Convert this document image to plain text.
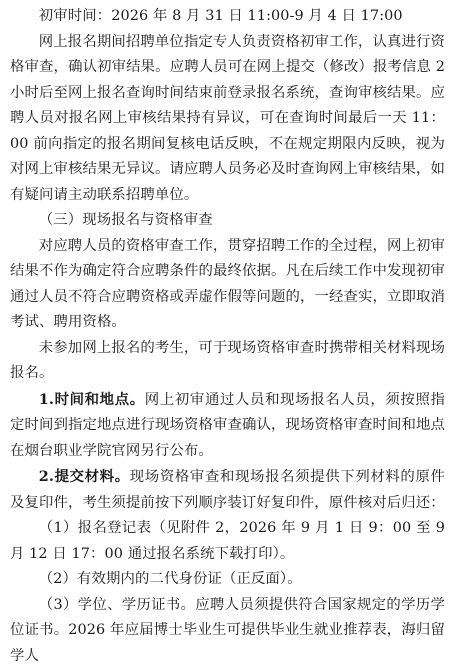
初审时间：2026 年 8 月 31 日 11:00-9 月 4 日 17:00

网上报名期间招聘单位指定专人负责资格初审工作，认真进行资格审查，确认初审结果。应聘人员可在网上提交（修改）报考信息 2 小时后至网上报名查询时间结束前登录报名系统，查询审核结果。应聘人员对报名网上审核结果持有异议，可在查询时间最后一天 11：00 前向指定的报名期间复核电话反映，不在规定期限内反映，视为对网上审核结果无异议。请应聘人员务必及时查询网上审核结果，如有疑问请主动联系招聘单位。

（三）现场报名与资格审查

对应聘人员的资格审查工作，贯穿招聘工作的全过程，网上初审结果不作为确定符合应聘条件的最终依据。凡在后续工作中发现初审通过人员不符合应聘资格或弄虚作假等问题的，一经查实，立即取消考试、聘用资格。

未参加网上报名的考生，可于现场资格审查时携带相关材料现场报名。

1.时间和地点。网上初审通过人员和现场报名人员，须按照指定时间到指定地点进行现场资格审查确认，现场资格审查时间和地点在烟台职业学院官网另行公布。

2.提交材料。现场资格审查和现场报名须提供下列材料的原件及复印件，考生须提前按下列顺序装订好复印件，原件核对后归还：

（1）报名登记表（见附件 2，2026 年 9 月 1 日 9：00 至 9 月 12 日 17：00 通过报名系统下载打印）。

（2）有效期内的二代身份证（正反面）。

（3）学位、学历证书。应聘人员须提供符合国家规定的学历学位证书。2026 年应届博士毕业生可提供毕业生就业推荐表，海归留学人
